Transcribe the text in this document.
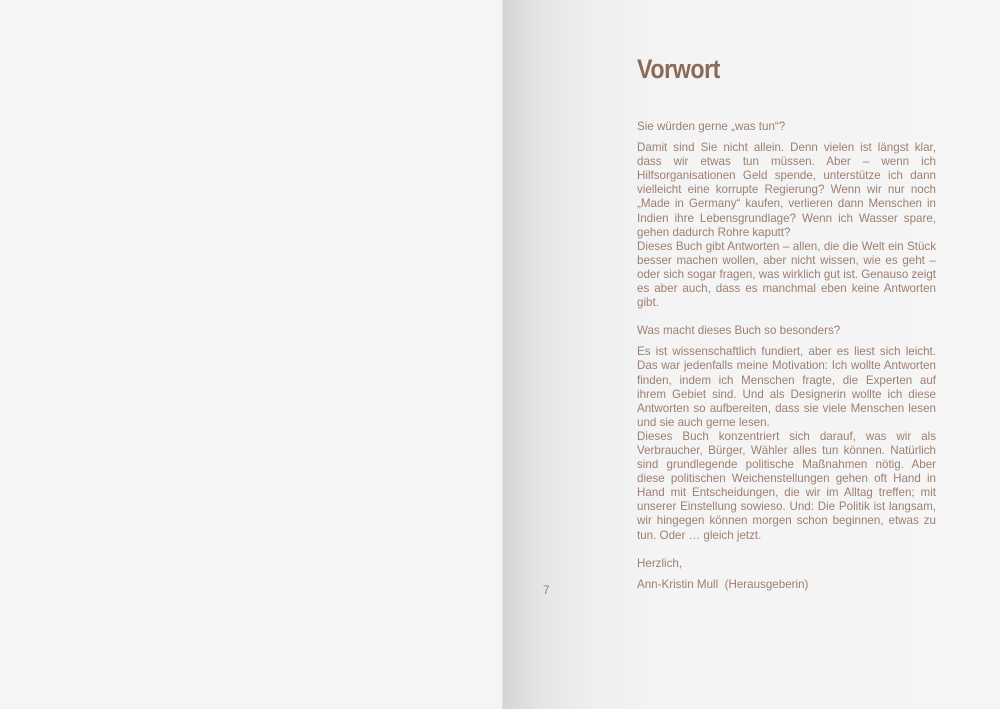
Vorwort

Sie würden gerne „was tun“?

Damit sind Sie nicht allein. Denn vielen ist längst klar, dass wir etwas tun müssen. Aber – wenn ich Hilfsorganisationen Geld spende, unterstütze ich dann vielleicht eine korrupte Regierung? Wenn wir nur noch „Made in Germany“ kaufen, verlieren dann Menschen in Indien ihre Lebensgrundlage? Wenn ich Wasser spare, gehen dadurch Rohre kaputt?

Dieses Buch gibt Antworten – allen, die die Welt ein Stück besser machen wollen, aber nicht wissen, wie es geht – oder sich sogar fragen, was wirklich gut ist. Genauso zeigt es aber auch, dass es manchmal eben keine Antworten gibt.

Was macht dieses Buch so besonders?

Es ist wissenschaftlich fundiert, aber es liest sich leicht. Das war jedenfalls meine Motivation: Ich wollte Antworten finden, indem ich Menschen fragte, die Experten auf ihrem Gebiet sind. Und als Designerin wollte ich diese Antworten so aufbereiten, dass sie viele Menschen lesen und sie auch gerne lesen.

Dieses Buch konzentriert sich darauf, was wir als Verbraucher, Bürger, Wähler alles tun können. Natürlich sind grundlegende politische Maßnahmen nötig. Aber diese politischen Weichenstellungen gehen oft Hand in Hand mit Entscheidungen, die wir im Alltag treffen; mit unserer Einstellung sowieso. Und: Die Politik ist langsam, wir hingegen können morgen schon beginnen, etwas zu tun. Oder … gleich jetzt.

Herzlich,

Ann-Kristin Mull  (Herausgeberin)

7
